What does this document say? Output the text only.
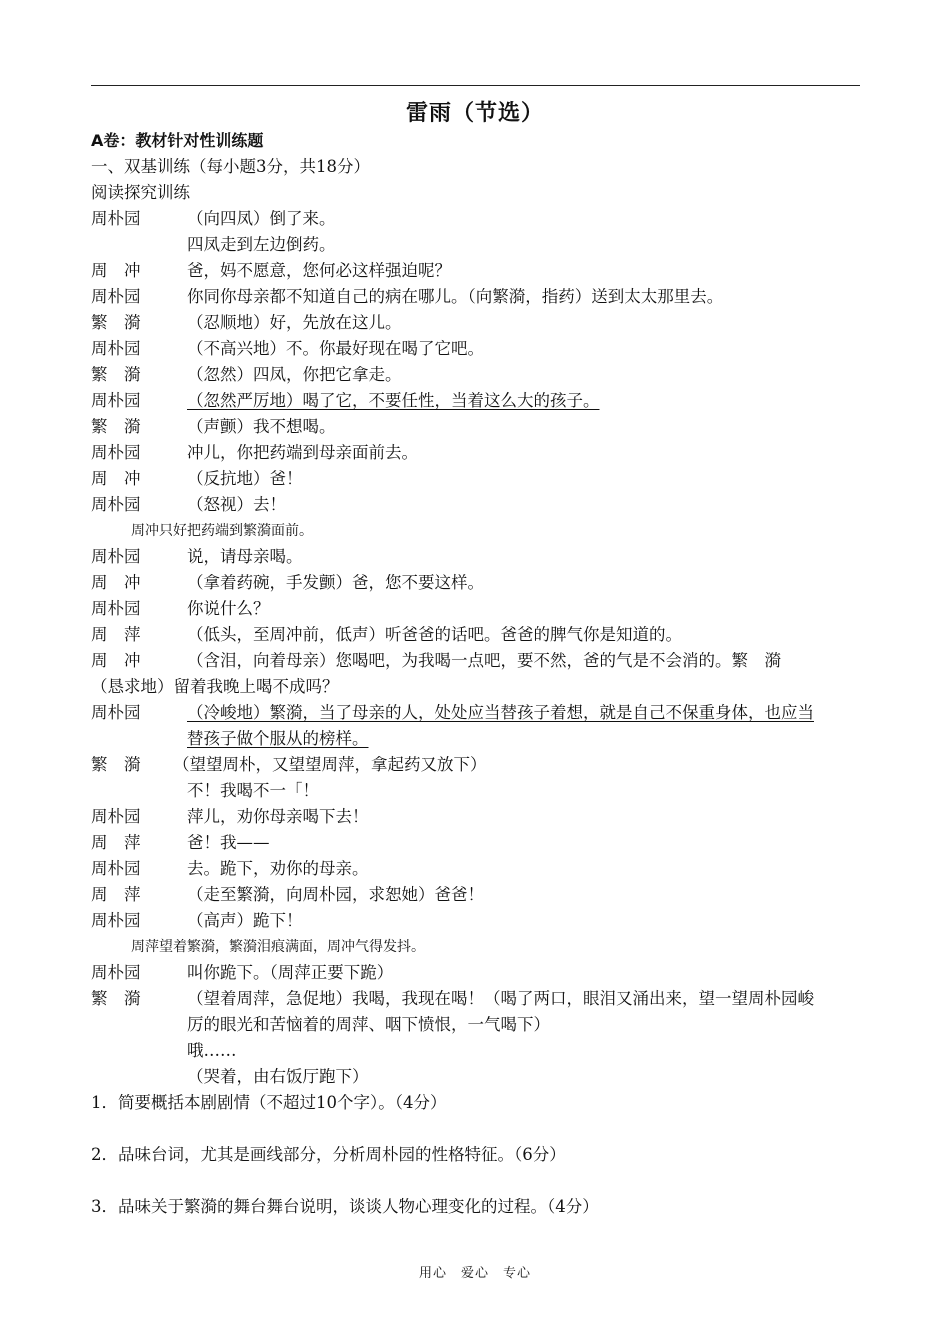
雷雨（节选）
A卷：教材针对性训练题
一、双基训练（每小题3分，共18分）
阅读探究训练
周朴园	（向四凤）倒了来。
四凤走到左边倒药。
周　冲	爸，妈不愿意，您何必这样强迫呢？
周朴园	你同你母亲都不知道自己的病在哪儿。（向繁漪，指药）送到太太那里去。
繁　漪	（忍顺地）好，先放在这儿。
周朴园	（不高兴地）不。你最好现在喝了它吧。
繁　漪	（忽然）四凤，你把它拿走。
周朴园	（忽然严厉地）喝了它，不要任性，当着这么大的孩子。
繁　漪	（声颤）我不想喝。
周朴园	冲儿，你把药端到母亲面前去。
周　冲	（反抗地）爸！
周朴园	（怒视）去！
周冲只好把药端到繁漪面前。
周朴园	说，请母亲喝。
周　冲	（拿着药碗，手发颤）爸，您不要这样。
周朴园	你说什么？
周　萍	（低头，至周冲前，低声）听爸爸的话吧。爸爸的脾气你是知道的。
周　冲	（含泪，向着母亲）您喝吧，为我喝一点吧，要不然，爸的气是不会消的。繁　漪
（恳求地）留着我晚上喝不成吗？
周朴园	（冷峻地）繁漪，当了母亲的人，处处应当替孩子着想，就是自己不保重身体，也应当
替孩子做个服从的榜样。
繁　漪	（望望周朴，又望望周萍，拿起药又放下）
不！我喝不一「！
周朴园	萍儿，劝你母亲喝下去！
周　萍	爸！我——
周朴园	去。跪下，劝你的母亲。
周　萍	（走至繁漪，向周朴园，求恕她）爸爸！
周朴园	（高声）跪下！
周萍望着繁漪，繁漪泪痕满面，周冲气得发抖。
周朴园	叫你跪下。（周萍正要下跪）
繁　漪	（望着周萍，急促地）我喝，我现在喝！（喝了两口，眼泪又涌出来，望一望周朴园峻
厉的眼光和苦恼着的周萍、咽下愤恨，一气喝下）
哦……
（哭着，由右饭厅跑下）

1．简要概括本剧剧情（不超过10个字）。（4分）

2．品味台词，尤其是画线部分，分析周朴园的性格特征。（6分）

3．品味关于繁漪的舞台舞台说明，谈谈人物心理变化的过程。（4分）

用心　爱心　专心
